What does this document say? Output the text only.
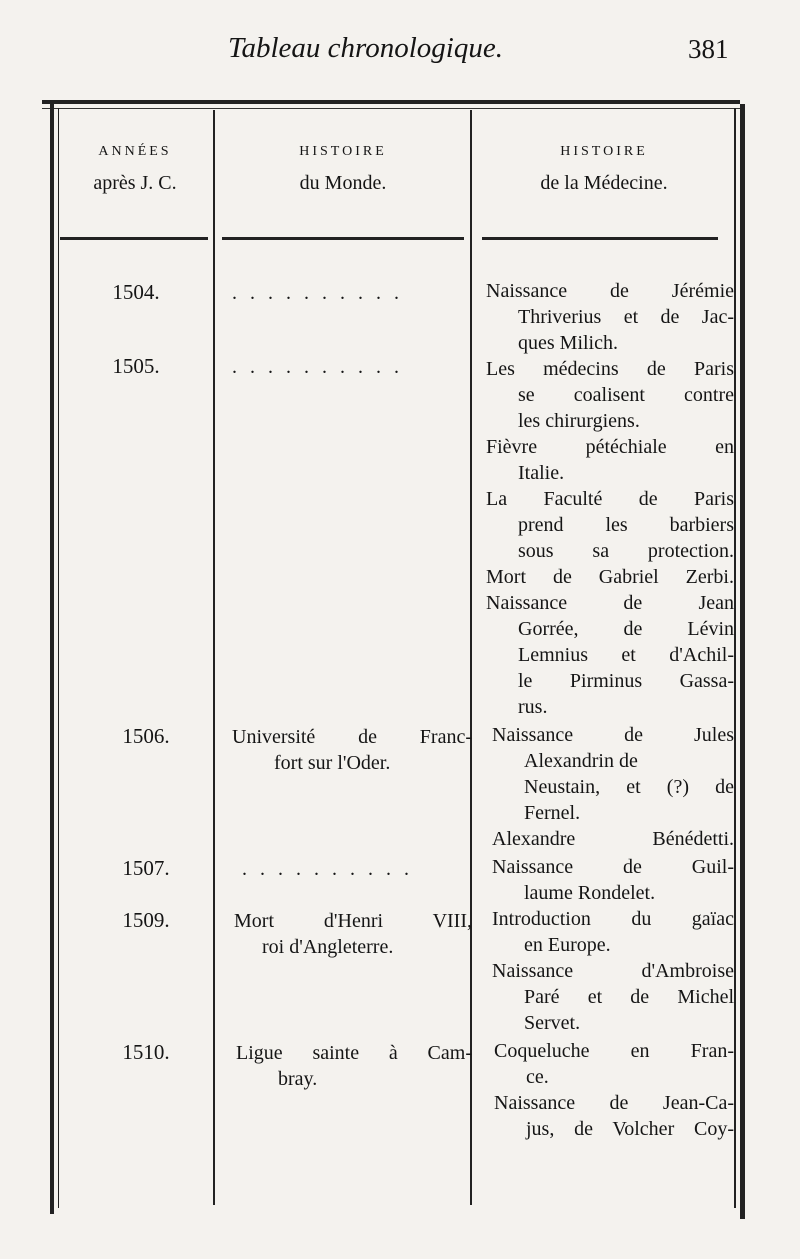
Tableau chronologique.	381
ANNÉES
après J. C.
HISTOIRE
du Monde.
HISTOIRE
de la Médecine.
1504.
1505.
1506.
1507.
1509.
1510.
..........
..........
Université de Franc-
fort sur l'Oder.
..........
Mort d'Henri VIII,
roi d'Angleterre.
Ligue sainte à Cam-
bray.
Naissance de Jérémie
Thriverius et de Jac-
ques Milich.
Les médecins de Paris
se coalisent contre
les chirurgiens.
Fièvre pétéchiale en
Italie.
La Faculté de Paris
prend les barbiers
sous sa protection.
Mort de Gabriel Zerbi.
Naissance de Jean
Gorrée, de Lévin
Lemnius et d'Achil-
le Pirminus Gassa-
rus.
Naissance de Jules
Alexandrin de
Neustain, et (?) de
Fernel.
Alexandre Bénédetti.
Naissance de Guil-
laume Rondelet.
Introduction du gaïac
en Europe.
Naissance d'Ambroise
Paré et de Michel
Servet.
Coqueluche en Fran-
ce.
Naissance de Jean-Ca-
jus, de Volcher Coy-
